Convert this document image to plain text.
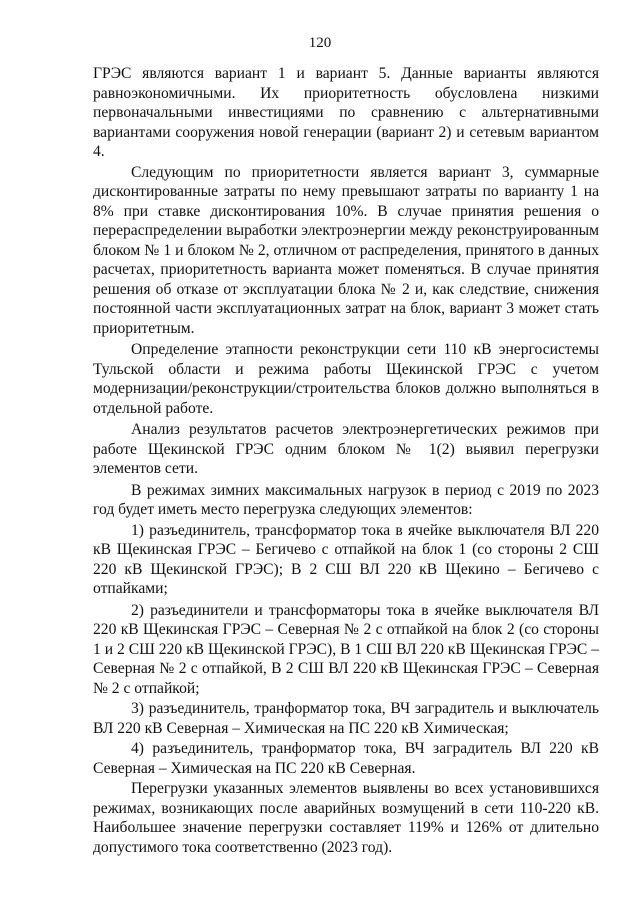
120

ГРЭС являются вариант 1 и вариант 5. Данные варианты являются равноэкономичными. Их приоритетность обусловлена низкими первоначальными инвестициями по сравнению с альтернативными вариантами сооружения новой генерации (вариант 2) и сетевым вариантом 4.

Следующим по приоритетности является вариант 3, суммарные дисконтированные затраты по нему превышают затраты по варианту 1 на 8% при ставке дисконтирования 10%. В случае принятия решения о перераспределении выработки электроэнергии между реконструированным блоком № 1 и блоком № 2, отличном от распределения, принятого в данных расчетах, приоритетность варианта может поменяться. В случае принятия решения об отказе от эксплуатации блока № 2 и, как следствие, снижения постоянной части эксплуатационных затрат на блок, вариант 3 может стать приоритетным.

Определение этапности реконструкции сети 110 кВ энергосистемы Тульской области и режима работы Щекинской ГРЭС с учетом модернизации/реконструкции/строительства блоков должно выполняться в отдельной работе.

Анализ результатов расчетов электроэнергетических режимов при работе Щекинской ГРЭС одним блоком № 1(2) выявил перегрузки элементов сети.

В режимах зимних максимальных нагрузок в период с 2019 по 2023 год будет иметь место перегрузка следующих элементов:

1) разъединитель, трансформатор тока в ячейке выключателя ВЛ 220 кВ Щекинская ГРЭС – Бегичево с отпайкой на блок 1 (со стороны 2 СШ 220 кВ Щекинской ГРЭС); В 2 СШ ВЛ 220 кВ Щекино – Бегичево с отпайками;

2) разъединители и трансформаторы тока в ячейке выключателя ВЛ 220 кВ Щекинская ГРЭС – Северная № 2 с отпайкой на блок 2 (со стороны 1 и 2 СШ 220 кВ Щекинской ГРЭС), В 1 СШ ВЛ 220 кВ Щекинская ГРЭС – Северная № 2 с отпайкой, В 2 СШ ВЛ 220 кВ Щекинская ГРЭС – Северная № 2 с отпайкой;

3) разъединитель, транформатор тока, ВЧ заградитель и выключатель ВЛ 220 кВ Северная – Химическая на ПС 220 кВ Химическая;

4) разъединитель, транформатор тока, ВЧ заградитель ВЛ 220 кВ Северная – Химическая на ПС 220 кВ Северная.

Перегрузки указанных элементов выявлены во всех установившихся режимах, возникающих после аварийных возмущений в сети 110-220 кВ. Наибольшее значение перегрузки составляет 119% и 126% от длительно допустимого тока соответственно (2023 год).
